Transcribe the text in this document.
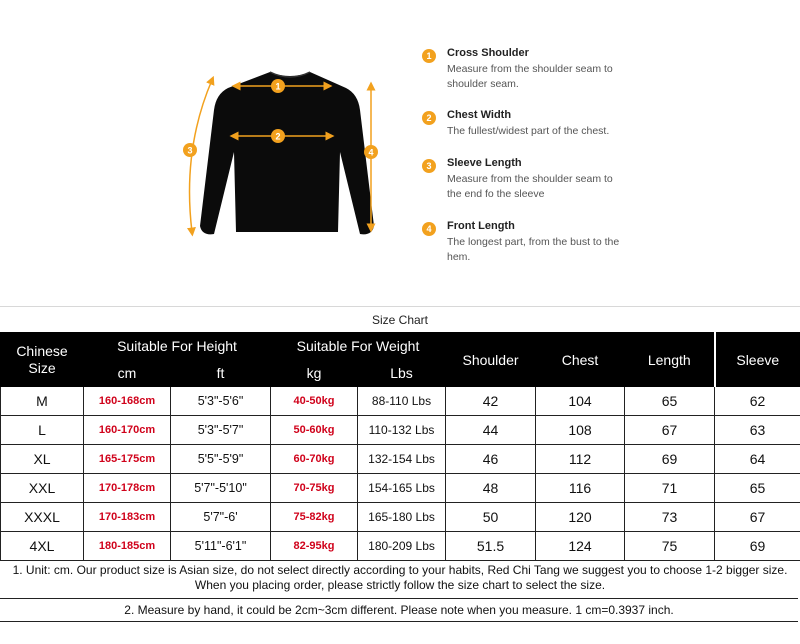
1
2
3	4
1	Cross Shoulder
Measure from the shoulder seam to shoulder seam.
2	Chest Width
The fullest/widest part of the chest.
3	Sleeve Length
Measure from the shoulder seam to the end fo the sleeve
4	Front Length
The longest part, from the bust to the hem.
Size Chart
Chinese Size	Suitable For Height		Suitable For Weight		Shoulder	Chest	Length	Sleeve
	cm	ft	kg	Lbs				
M	160-168cm	5'3"-5'6"	40-50kg	88-110 Lbs	42	104	65	62
L	160-170cm	5'3"-5'7"	50-60kg	110-132 Lbs	44	108	67	63
XL	165-175cm	5'5"-5'9"	60-70kg	132-154 Lbs	46	112	69	64
XXL	170-178cm	5'7"-5'10"	70-75kg	154-165 Lbs	48	116	71	65
XXXL	170-183cm	5'7"-6'	75-82kg	165-180 Lbs	50	120	73	67
4XL	180-185cm	5'11"-6'1"	82-95kg	180-209 Lbs	51.5	124	75	69
1. Unit: cm. Our product size is Asian size, do not select directly according to your habits, Red Chi Tang we suggest you to choose 1-2 bigger size.
When you placing order, please strictly follow the size chart to select the size.
2. Measure by hand, it could be 2cm~3cm different. Please note when you measure. 1 cm=0.3937 inch.
